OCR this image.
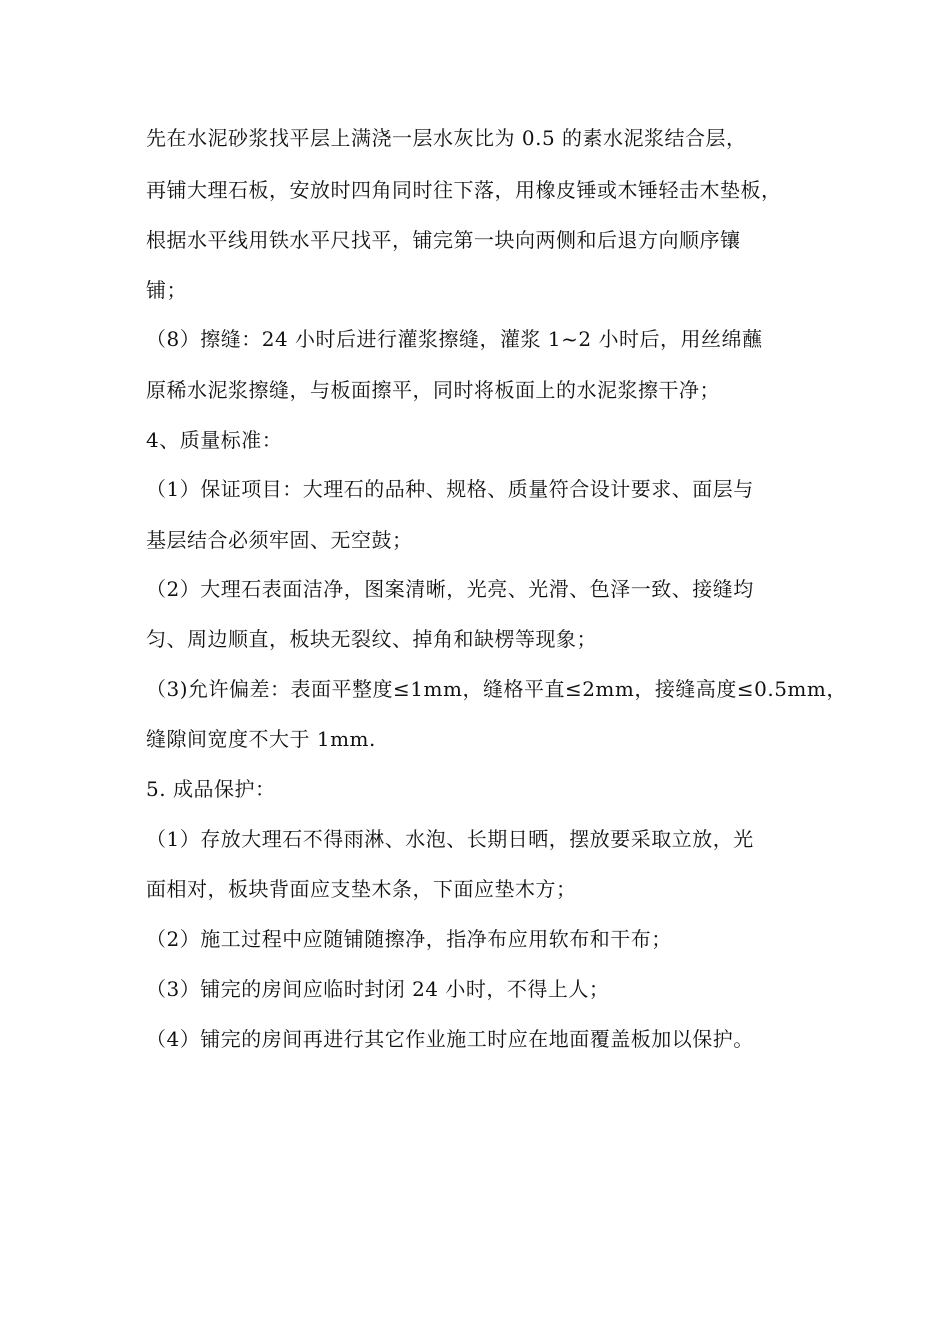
先在水泥砂浆找平层上满浇一层水灰比为 0.5 的素水泥浆结合层，
再铺大理石板，安放时四角同时往下落，用橡皮锤或木锤轻击木垫板，
根据水平线用铁水平尺找平，铺完第一块向两侧和后退方向顺序镶
铺；
（8）擦缝：24 小时后进行灌浆擦缝，灌浆 1~2 小时后，用丝绵蘸
原稀水泥浆擦缝，与板面擦平，同时将板面上的水泥浆擦干净；
4、质量标准：
（1）保证项目：大理石的品种、规格、质量符合设计要求、面层与
基层结合必须牢固、无空鼓；
（2）大理石表面洁净，图案清晰，光亮、光滑、色泽一致、接缝均
匀、周边顺直，板块无裂纹、掉角和缺楞等现象；
（3)允许偏差：表面平整度≤1mm，缝格平直≤2mm，接缝高度≤0.5mm，
缝隙间宽度不大于 1mm.
5. 成品保护：
（1）存放大理石不得雨淋、水泡、长期日晒，摆放要采取立放，光
面相对，板块背面应支垫木条，下面应垫木方；
（2）施工过程中应随铺随擦净，指净布应用软布和干布；
（3）铺完的房间应临时封闭 24 小时，不得上人；
（4）铺完的房间再进行其它作业施工时应在地面覆盖板加以保护。
